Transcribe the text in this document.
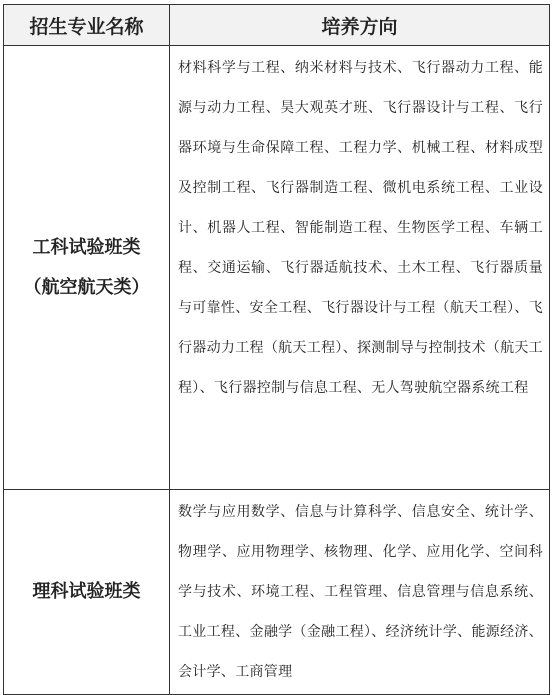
招生专业名称	培养方向

工科试验班类
（航空航天类）	材料科学与工程、纳米材料与技术、飞行器动力工程、能源与动力工程、昊大观英才班、飞行器设计与工程、飞行器环境与生命保障工程、工程力学、机械工程、材料成型及控制工程、飞行器制造工程、微机电系统工程、工业设计、机器人工程、智能制造工程、生物医学工程、车辆工程、交通运输、飞行器适航技术、土木工程、飞行器质量与可靠性、安全工程、飞行器设计与工程（航天工程）、飞行器动力工程（航天工程）、探测制导与控制技术（航天工程）、飞行器控制与信息工程、无人驾驶航空器系统工程

理科试验班类	数学与应用数学、信息与计算科学、信息安全、统计学、物理学、应用物理学、核物理、化学、应用化学、空间科学与技术、环境工程、工程管理、信息管理与信息系统、工业工程、金融学（金融工程）、经济统计学、能源经济、会计学、工商管理
